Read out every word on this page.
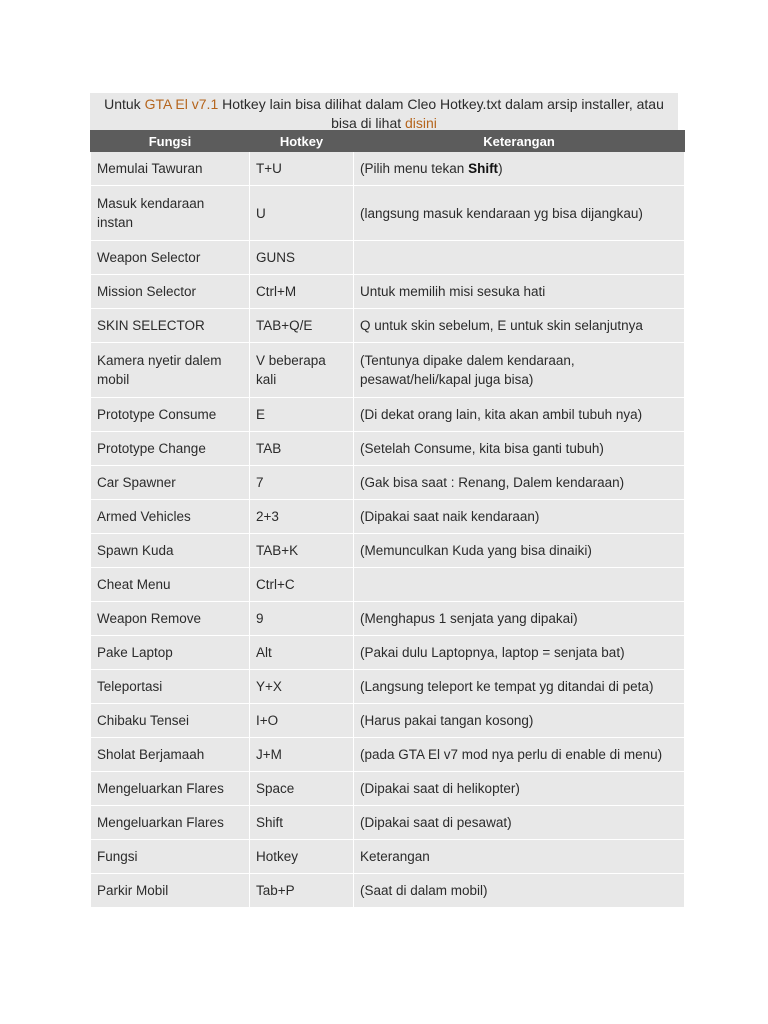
Untuk GTA El v7.1 Hotkey lain bisa dilihat dalam Cleo Hotkey.txt dalam arsip installer, atau bisa di lihat disini
Fungsi	Hotkey	Keterangan
Memulai Tawuran	T+U	(Pilih menu tekan Shift)
Masuk kendaraan instan	U	(langsung masuk kendaraan yg bisa dijangkau)
Weapon Selector	GUNS	
Mission Selector	Ctrl+M	Untuk memilih misi sesuka hati
SKIN SELECTOR	TAB+Q/E	Q untuk skin sebelum, E untuk skin selanjutnya
Kamera nyetir dalem mobil	V beberapa kali	(Tentunya dipake dalem kendaraan, pesawat/heli/kapal juga bisa)
Prototype Consume	E	(Di dekat orang lain, kita akan ambil tubuh nya)
Prototype Change	TAB	(Setelah Consume, kita bisa ganti tubuh)
Car Spawner	7	(Gak bisa saat : Renang, Dalem kendaraan)
Armed Vehicles	2+3	(Dipakai saat naik kendaraan)
Spawn Kuda	TAB+K	(Memunculkan Kuda yang bisa dinaiki)
Cheat Menu	Ctrl+C	
Weapon Remove	9	(Menghapus 1 senjata yang dipakai)
Pake Laptop	Alt	(Pakai dulu Laptopnya, laptop = senjata bat)
Teleportasi	Y+X	(Langsung teleport ke tempat yg ditandai di peta)
Chibaku Tensei	I+O	(Harus pakai tangan kosong)
Sholat Berjamaah	J+M	(pada GTA El v7 mod nya perlu di enable di menu)
Mengeluarkan Flares	Space	(Dipakai saat di helikopter)
Mengeluarkan Flares	Shift	(Dipakai saat di pesawat)
Fungsi	Hotkey	Keterangan
Parkir Mobil	Tab+P	(Saat di dalam mobil)
